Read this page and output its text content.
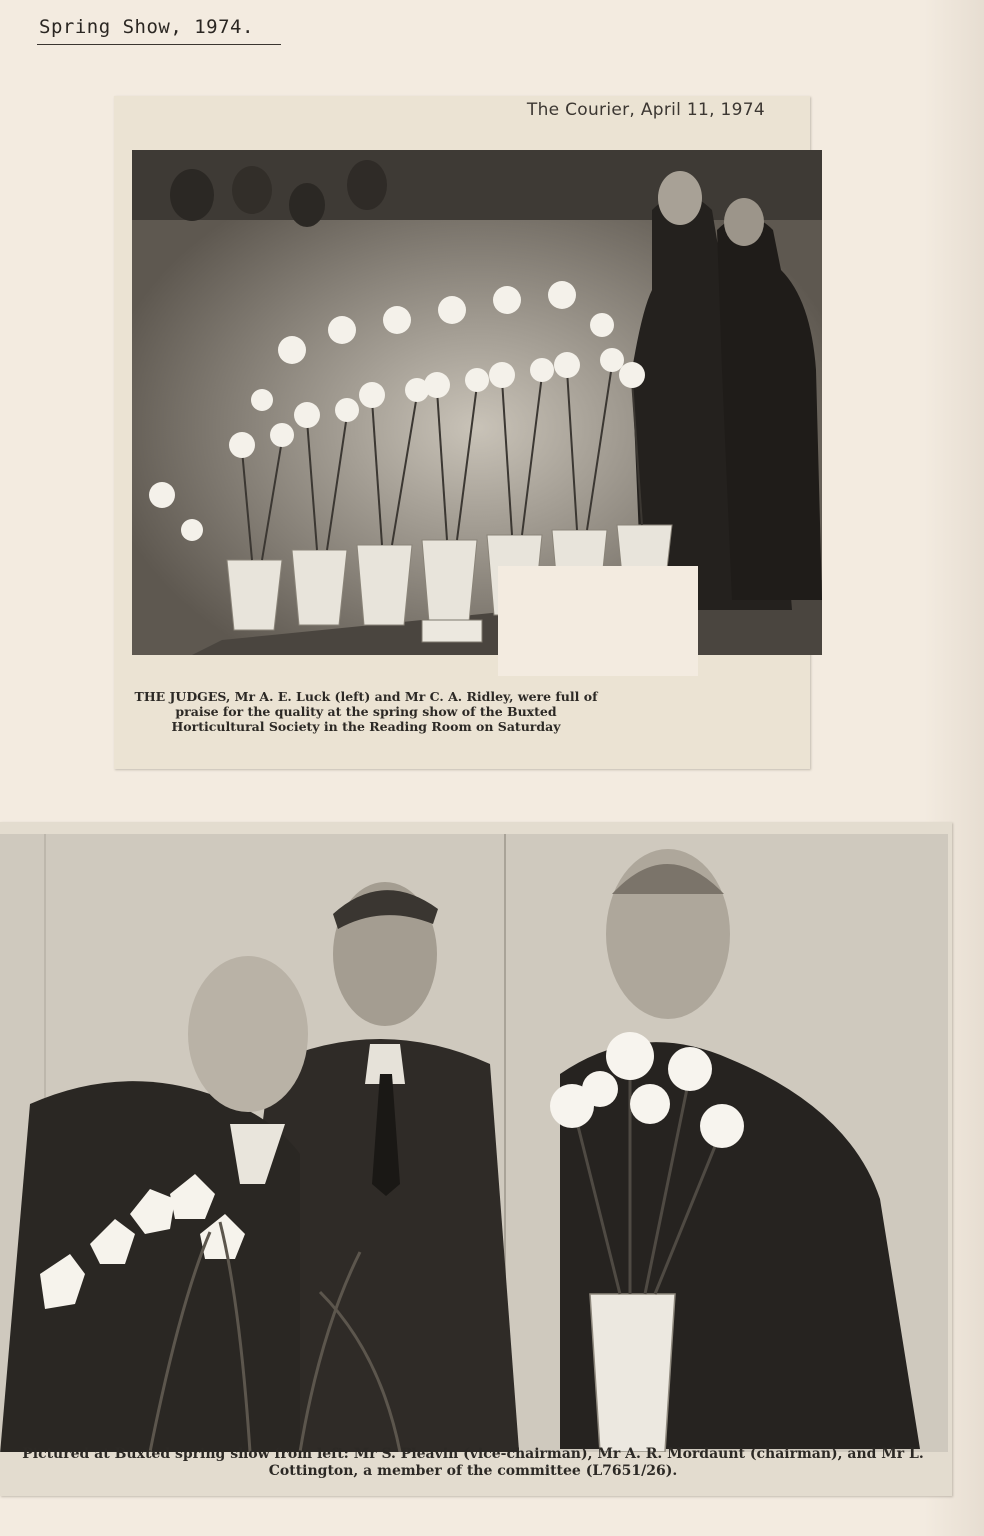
Spring Show, 1974.
The Courier, April 11, 1974
THE JUDGES, Mr A. E. Luck (left) and Mr C. A. Ridley, were full of praise for the quality at the spring show of the Buxted Horticultural Society in the Reading Room on Saturday
Pictured at Buxted spring show from left: Mr S. Pleavin (vice-chairman), Mr A. R. Mordaunt (chairman), and Mr L. Cottington, a member of the committee (L7651/26).
